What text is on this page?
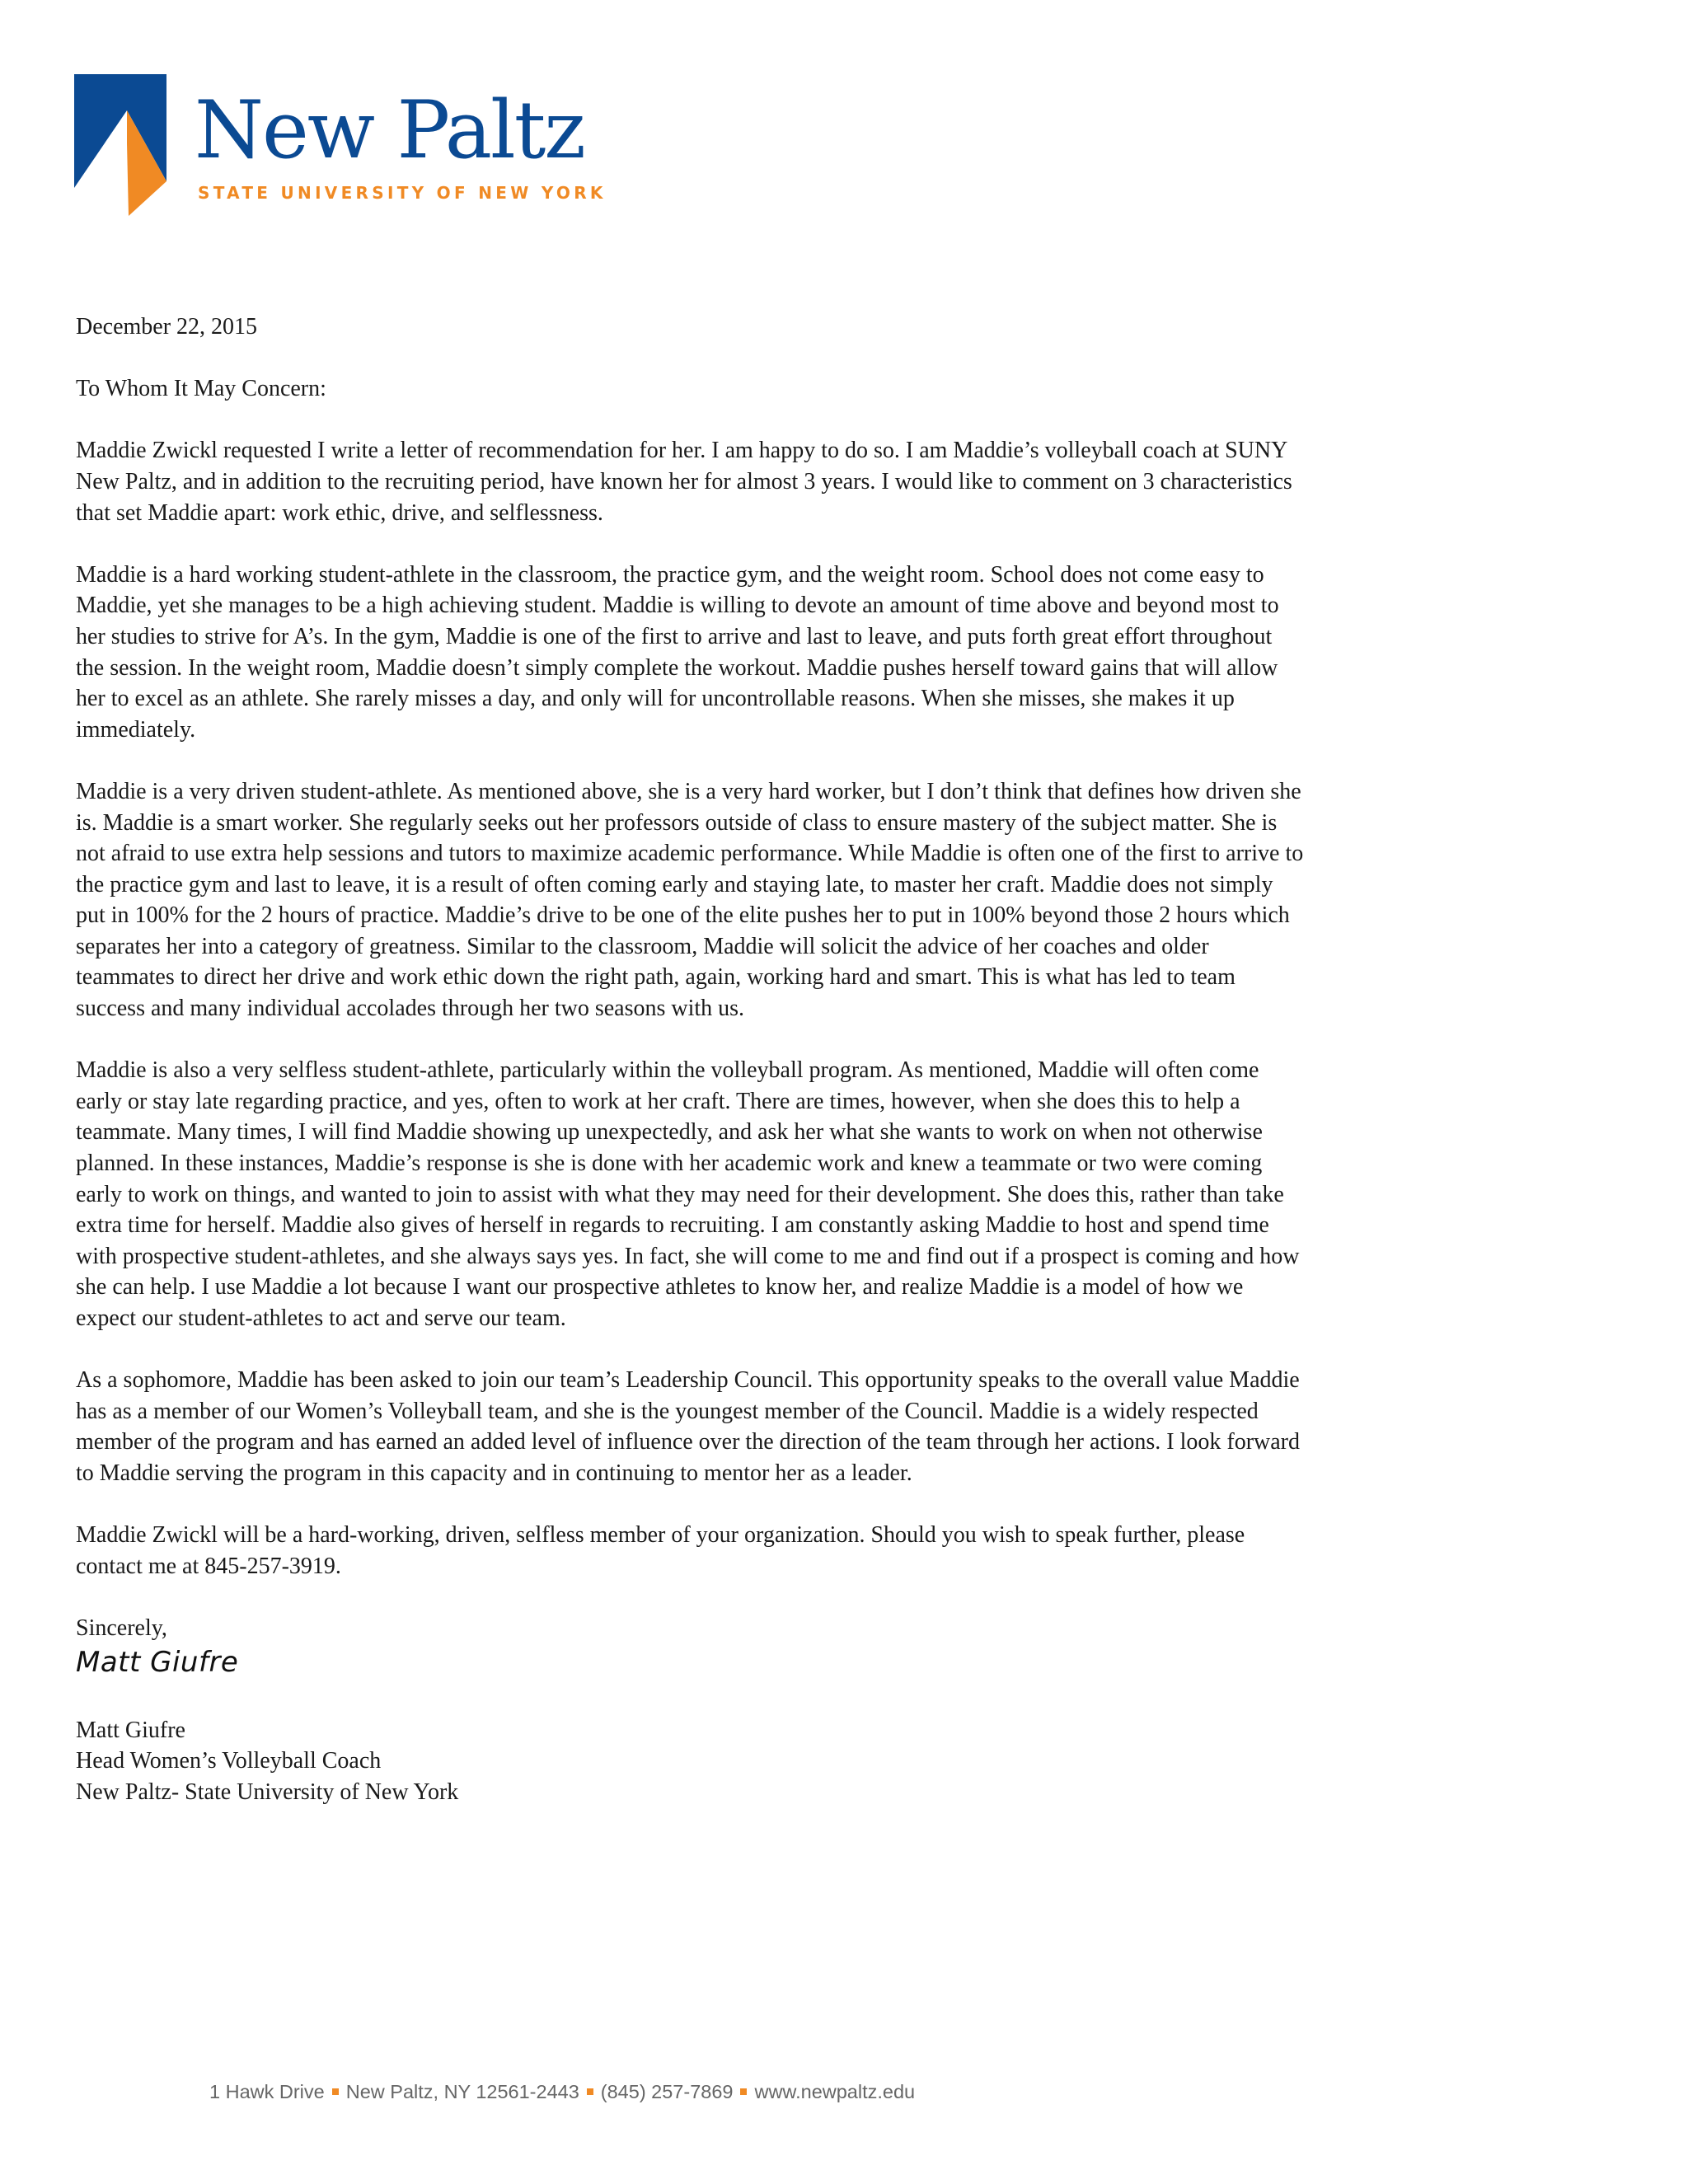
New Paltz
STATE UNIVERSITY OF NEW YORK

December 22, 2015

To Whom It May Concern:

Maddie Zwickl requested I write a letter of recommendation for her. I am happy to do so. I am Maddie’s volleyball coach at SUNY New Paltz, and in addition to the recruiting period, have known her for almost 3 years. I would like to comment on 3 characteristics that set Maddie apart: work ethic, drive, and selflessness.

Maddie is a hard working student-athlete in the classroom, the practice gym, and the weight room. School does not come easy to Maddie, yet she manages to be a high achieving student. Maddie is willing to devote an amount of time above and beyond most to her studies to strive for A’s. In the gym, Maddie is one of the first to arrive and last to leave, and puts forth great effort throughout the session. In the weight room, Maddie doesn’t simply complete the workout. Maddie pushes herself toward gains that will allow her to excel as an athlete. She rarely misses a day, and only will for uncontrollable reasons. When she misses, she makes it up immediately.

Maddie is a very driven student-athlete. As mentioned above, she is a very hard worker, but I don’t think that defines how driven she is. Maddie is a smart worker. She regularly seeks out her professors outside of class to ensure mastery of the subject matter. She is not afraid to use extra help sessions and tutors to maximize academic performance. While Maddie is often one of the first to arrive to the practice gym and last to leave, it is a result of often coming early and staying late, to master her craft. Maddie does not simply put in 100% for the 2 hours of practice. Maddie’s drive to be one of the elite pushes her to put in 100% beyond those 2 hours which separates her into a category of greatness. Similar to the classroom, Maddie will solicit the advice of her coaches and older teammates to direct her drive and work ethic down the right path, again, working hard and smart. This is what has led to team success and many individual accolades through her two seasons with us.

Maddie is also a very selfless student-athlete, particularly within the volleyball program. As mentioned, Maddie will often come early or stay late regarding practice, and yes, often to work at her craft. There are times, however, when she does this to help a teammate. Many times, I will find Maddie showing up unexpectedly, and ask her what she wants to work on when not otherwise planned. In these instances, Maddie’s response is she is done with her academic work and knew a teammate or two were coming early to work on things, and wanted to join to assist with what they may need for their development. She does this, rather than take extra time for herself. Maddie also gives of herself in regards to recruiting. I am constantly asking Maddie to host and spend time with prospective student-athletes, and she always says yes. In fact, she will come to me and find out if a prospect is coming and how she can help. I use Maddie a lot because I want our prospective athletes to know her, and realize Maddie is a model of how we expect our student-athletes to act and serve our team.

As a sophomore, Maddie has been asked to join our team’s Leadership Council. This opportunity speaks to the overall value Maddie has as a member of our Women’s Volleyball team, and she is the youngest member of the Council. Maddie is a widely respected member of the program and has earned an added level of influence over the direction of the team through her actions. I look forward to Maddie serving the program in this capacity and in continuing to mentor her as a leader.

Maddie Zwickl will be a hard-working, driven, selfless member of your organization. Should you wish to speak further, please contact me at 845-257-3919.

Sincerely,

Matt Giufre

Matt Giufre

Head Women’s Volleyball Coach

New Paltz- State University of New York

1 Hawk Drive New Paltz, NY 12561-2443 (845) 257-7869 www.newpaltz.edu
